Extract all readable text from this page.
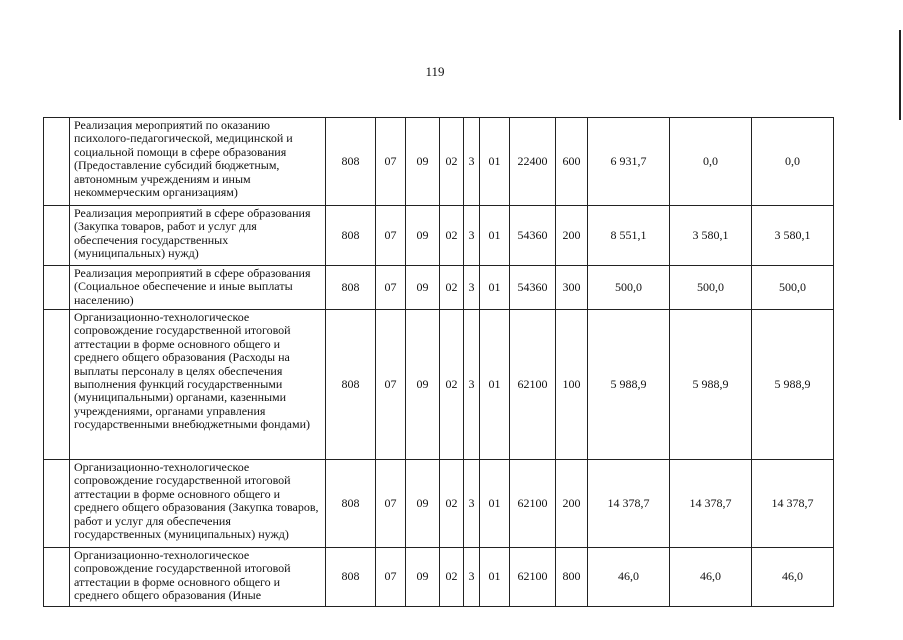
119
	Реализация мероприятий по оказанию психолого-педагогической, медицинской и социальной помощи в сфере образования (Предоставление субсидий бюджетным, автономным учреждениям и иным некоммерческим организациям)	808	07	09	02	3	01	22400	600	6 931,7	0,0	0,0
	Реализация мероприятий в сфере образования (Закупка товаров, работ и услуг для обеспечения государственных (муниципальных) нужд)	808	07	09	02	3	01	54360	200	8 551,1	3 580,1	3 580,1
	Реализация мероприятий в сфере образования (Социальное обеспечение и иные выплаты населению)	808	07	09	02	3	01	54360	300	500,0	500,0	500,0
	Организационно-технологическое сопровождение государственной итоговой аттестации в форме основного общего и среднего общего образования (Расходы на выплаты персоналу в целях обеспечения выполнения функций государственными (муниципальными) органами, казенными учреждениями, органами управления государственными внебюджетными фондами)	808	07	09	02	3	01	62100	100	5 988,9	5 988,9	5 988,9
	Организационно-технологическое сопровождение государственной итоговой аттестации в форме основного общего и среднего общего образования (Закупка товаров, работ и услуг для обеспечения государственных (муниципальных) нужд)	808	07	09	02	3	01	62100	200	14 378,7	14 378,7	14 378,7
	Организационно-технологическое сопровождение государственной итоговой аттестации в форме основного общего и среднего общего образования (Иные	808	07	09	02	3	01	62100	800	46,0	46,0	46,0
